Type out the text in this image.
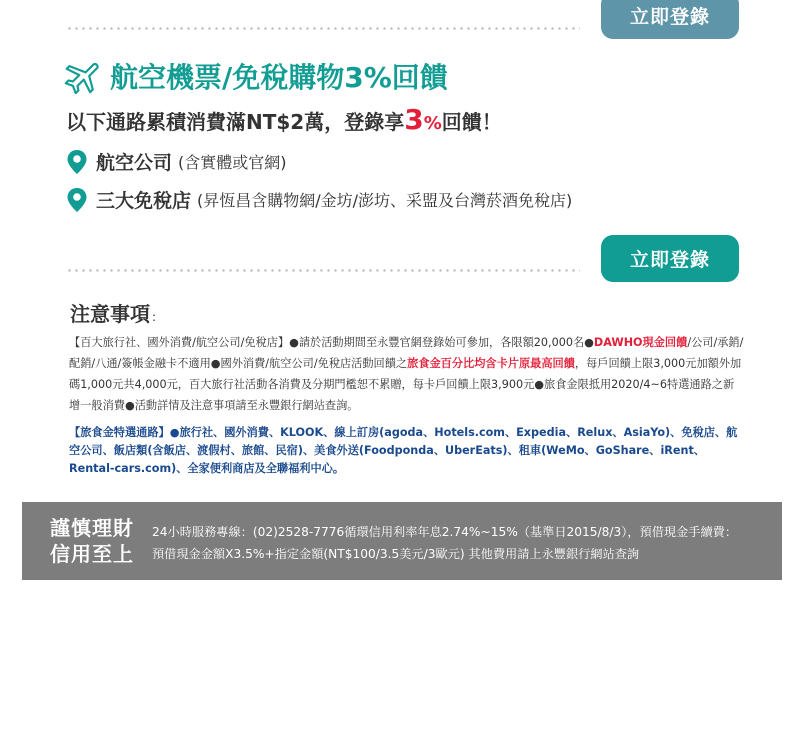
立即登錄
航空機票/免稅購物3%回饋
以下通路累積消費滿NT$2萬，登錄享3%回饋！
航空公司 (含實體或官網)
三大免稅店 (昇恆昌含購物網/金坊/澎坊、采盟及台灣菸酒免稅店)
立即登錄
注意事項 :
【百大旅行社、國外消費/航空公司/免稅店】●請於活動期間至永豐官網登錄始可參加，各限額20,000名●DAWHO現金回饋/公司/承銷/配銷/八通/簽帳金融卡不適用●國外消費/航空公司/免稅店活動回饋之旅食金百分比均含卡片原最高回饋，每戶回饋上限3,000元加額外加碼1,000元共4,000元，百大旅行社活動各消費及分期門檻恕不累贈，每卡戶回饋上限3,900元●旅食金限抵用2020/4~6特選通路之新增一般消費●活動詳情及注意事項請至永豐銀行網站查詢。
【旅食金特選通路】●旅行社、國外消費、KLOOK、線上訂房(agoda、Hotels.com、Expedia、Relux、AsiaYo)、免稅店、航空公司、飯店類(含飯店、渡假村、旅館、民宿)、美食外送(Foodponda、UberEats)、租車(WeMo、GoShare、iRent、Rental-cars.com)、全家便利商店及全聯福利中心。
謹慎理財
信用至上
24小時服務專線：(02)2528-7776循環信用利率年息2.74%~15%（基準日2015/8/3），預借現金手續費：
預借現金金額X3.5%+指定金額(NT$100/3.5美元/3歐元) 其他費用請上永豐銀行網站查詢
